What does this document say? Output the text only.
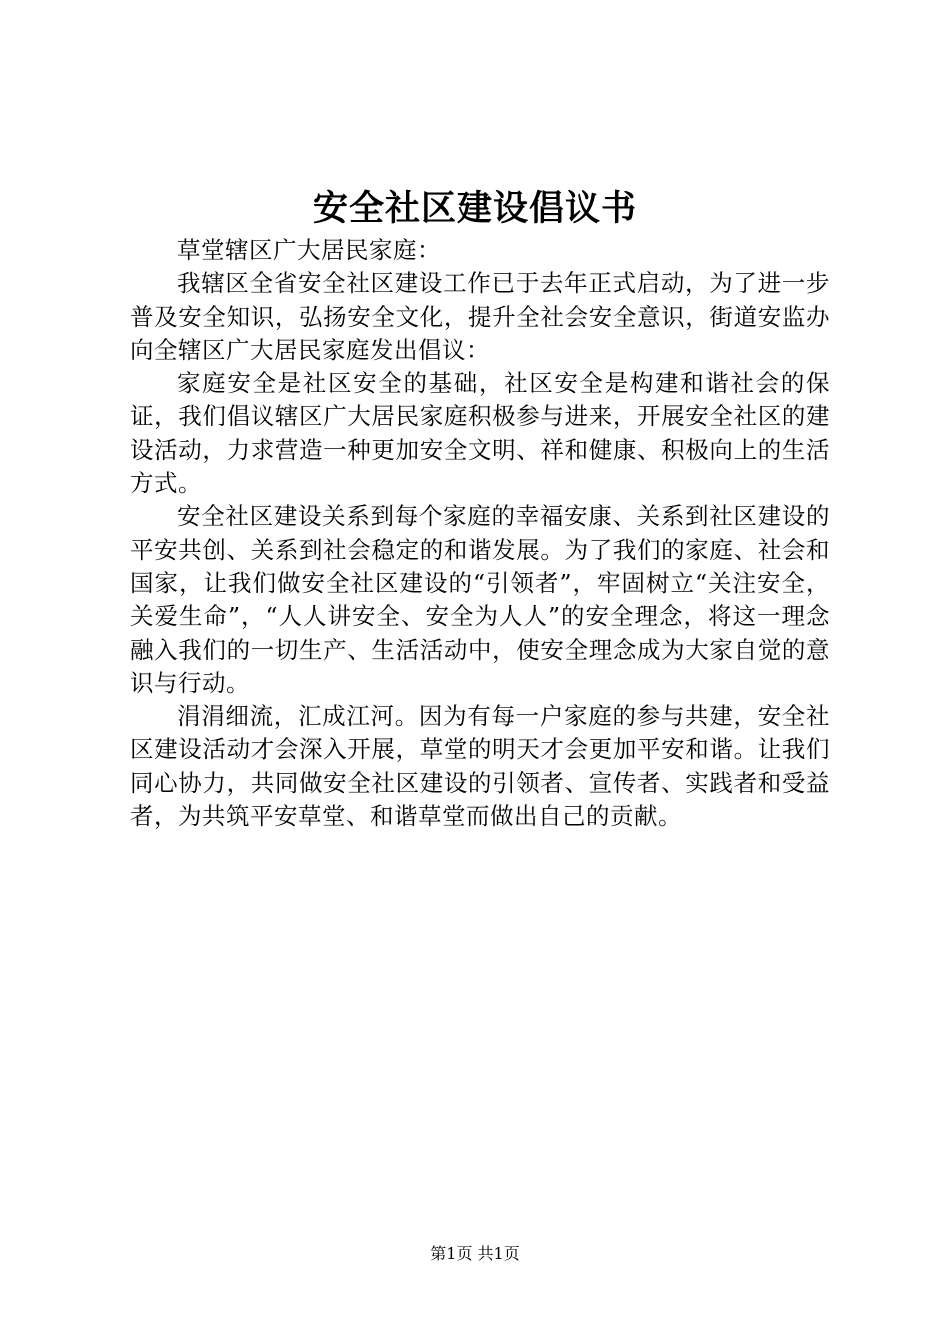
安全社区建设倡议书

草堂辖区广大居民家庭：

我辖区全省安全社区建设工作已于去年正式启动，为了进一步普及安全知识，弘扬安全文化，提升全社会安全意识，街道安监办向全辖区广大居民家庭发出倡议：

家庭安全是社区安全的基础，社区安全是构建和谐社会的保证，我们倡议辖区广大居民家庭积极参与进来，开展安全社区的建设活动，力求营造一种更加安全文明、祥和健康、积极向上的生活方式。

安全社区建设关系到每个家庭的幸福安康、关系到社区建设的平安共创、关系到社会稳定的和谐发展。为了我们的家庭、社会和国家，让我们做安全社区建设的“引领者”，牢固树立“关注安全，关爱生命”，“人人讲安全、安全为人人”的安全理念，将这一理念融入我们的一切生产、生活活动中，使安全理念成为大家自觉的意识与行动。

涓涓细流，汇成江河。因为有每一户家庭的参与共建，安全社区建设活动才会深入开展，草堂的明天才会更加平安和谐。让我们同心协力，共同做安全社区建设的引领者、宣传者、实践者和受益者，为共筑平安草堂、和谐草堂而做出自己的贡献。

第1页 共1页
